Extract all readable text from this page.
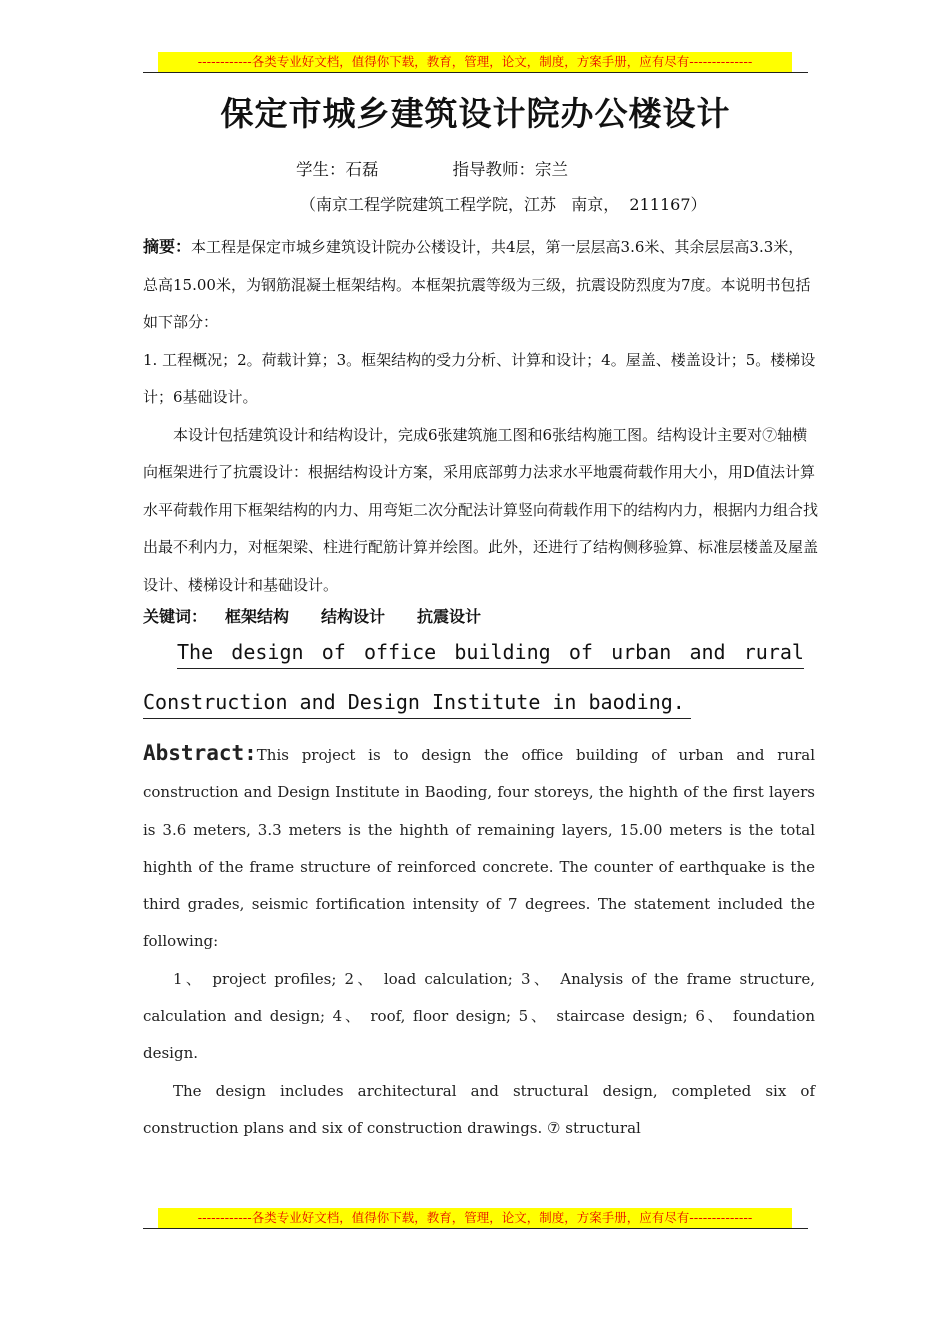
------------各类专业好文档，值得你下载，教育，管理，论文，制度，方案手册，应有尽有--------------
保定市城乡建筑设计院办公楼设计
学生：石磊	指导教师：宗兰
（南京工程学院建筑工程学院，江苏   南京，  211167）

摘要：本工程是保定市城乡建筑设计院办公楼设计，共4层，第一层层高3.6米、其余层层高3.3米，总高15.00米，为钢筋混凝土框架结构。本框架抗震等级为三级，抗震设防烈度为7度。本说明书包括如下部分：

1. 工程概况；2。荷载计算；3。框架结构的受力分析、计算和设计；4。屋盖、楼盖设计；5。楼梯设计；6基础设计。

本设计包括建筑设计和结构设计，完成6张建筑施工图和6张结构施工图。结构设计主要对⑦轴横向框架进行了抗震设计：根据结构设计方案，采用底部剪力法求水平地震荷载作用大小，用D值法计算水平荷载作用下框架结构的内力、用弯矩二次分配法计算竖向荷载作用下的结构内力，根据内力组合找出最不利内力，对框架梁、柱进行配筋计算并绘图。此外，还进行了结构侧移验算、标准层楼盖及屋盖设计、楼梯设计和基础设计。

关键词： 框架结构 结构设计 抗震设计
The design of office building of urban and rural
Construction and Design Institute in baoding.

Abstract:This project is to design the office building of urban and rural construction and Design Institute in Baoding, four storeys, the highth of the first layers is 3.6 meters, 3.3 meters is the highth of remaining layers, 15.00 meters is the total highth of the frame structure of reinforced concrete. The counter of earthquake is the third grades, seismic fortification intensity of 7 degrees. The statement included the following:

1、 project profiles; 2、 load calculation; 3、 Analysis of the frame structure, calculation and design; 4、 roof, floor design; 5、 staircase design; 6、 foundation design.

The design includes architectural and structural design, completed six of construction plans and six of construction drawings. ⑦ structural

------------各类专业好文档，值得你下载，教育，管理，论文，制度，方案手册，应有尽有--------------
